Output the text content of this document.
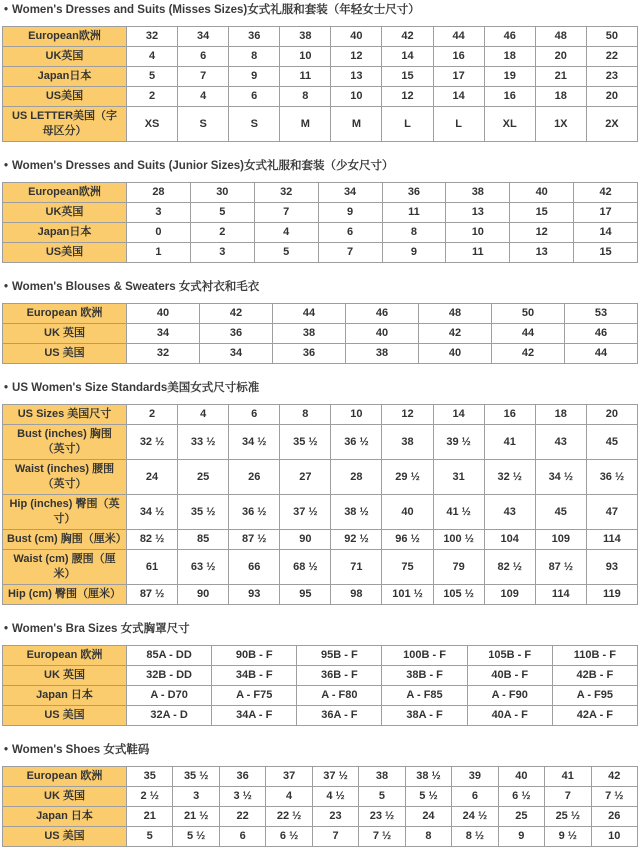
• Women's Dresses and Suits (Misses Sizes)女式礼服和套装（年轻女士尺寸）
European欧洲	32	34	36	38	40	42	44	46	48	50
UK英国	4	6	8	10	12	14	16	18	20	22
Japan日本	5	7	9	11	13	15	17	19	21	23
US美国	2	4	6	8	10	12	14	16	18	20
US LETTER美国（字母区分）	XS	S	S	M	M	L	L	XL	1X	2X
• Women's Dresses and Suits (Junior Sizes)女式礼服和套装（少女尺寸）
European欧洲	28	30	32	34	36	38	40	42
UK英国	3	5	7	9	11	13	15	17
Japan日本	0	2	4	6	8	10	12	14
US美国	1	3	5	7	9	11	13	15
• Women's Blouses & Sweaters 女式衬衣和毛衣
European 欧洲	40	42	44	46	48	50	53
UK 英国	34	36	38	40	42	44	46
US 美国	32	34	36	38	40	42	44
• US Women's Size Standards美国女式尺寸标准
US Sizes 美国尺寸	2	4	6	8	10	12	14	16	18	20
Bust (inches) 胸围（英寸）	32 ½	33 ½	34 ½	35 ½	36 ½	38	39 ½	41	43	45
Waist (inches) 腰围（英寸）	24	25	26	27	28	29 ½	31	32 ½	34 ½	36 ½
Hip (inches) 臀围（英寸）	34 ½	35 ½	36 ½	37 ½	38 ½	40	41 ½	43	45	47
Bust (cm) 胸围（厘米）	82 ½	85	87 ½	90	92 ½	96 ½	100 ½	104	109	114
Waist (cm) 腰围（厘米）	61	63 ½	66	68 ½	71	75	79	82 ½	87 ½	93
Hip (cm) 臀围（厘米）	87 ½	90	93	95	98	101 ½	105 ½	109	114	119
• Women's Bra Sizes 女式胸罩尺寸
European 欧洲	85A - DD	90B - F	95B - F	100B - F	105B - F	110B - F
UK 英国	32B - DD	34B - F	36B - F	38B - F	40B - F	42B - F
Japan 日本	A - D70	A - F75	A - F80	A - F85	A - F90	A - F95
US 美国	32A - D	34A - F	36A - F	38A - F	40A - F	42A - F
• Women's Shoes 女式鞋码
European 欧洲	35	35 ½	36	37	37 ½	38	38 ½	39	40	41	42
UK 英国	2 ½	3	3 ½	4	4 ½	5	5 ½	6	6 ½	7	7 ½
Japan 日本	21	21 ½	22	22 ½	23	23 ½	24	24 ½	25	25 ½	26
US 美国	5	5 ½	6	6 ½	7	7 ½	8	8 ½	9	9 ½	10
